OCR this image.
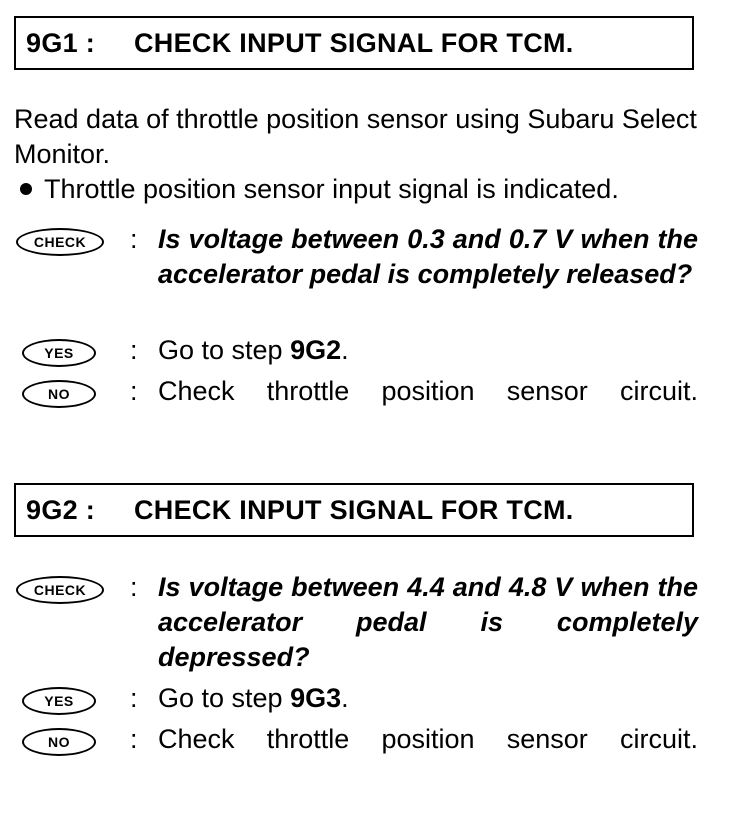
9G1 :	CHECK INPUT SIGNAL FOR TCM.
Read data of throttle position sensor using Subaru Select Monitor.
Throttle position sensor input signal is indicated.
CHECK	: Is voltage between 0.3 and 0.7 V when the accelerator pedal is completely released?
YES	: Go to step 9G2.
NO	: Check throttle position sensor circuit.
9G2 :	CHECK INPUT SIGNAL FOR TCM.
CHECK	: Is voltage between 4.4 and 4.8 V when the accelerator pedal is completely depressed?
YES	: Go to step 9G3.
NO	: Check throttle position sensor circuit.
